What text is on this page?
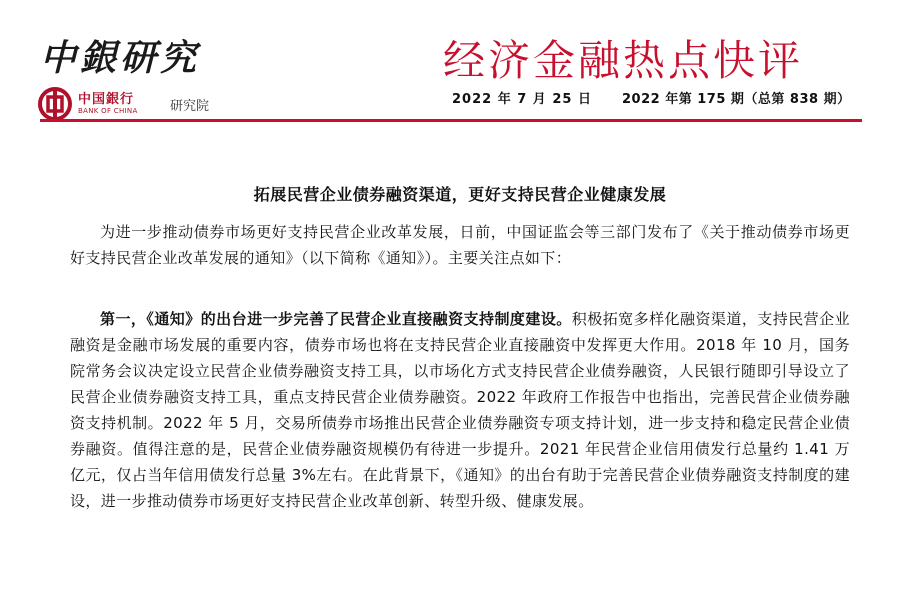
中銀研究	经济金融热点快评
中国銀行
BANK OF CHINA 研究院	2022 年 7 月 25 日 2022 年第 175 期（总第 838 期）
拓展民营企业债券融资渠道，更好支持民营企业健康发展

为进一步推动债券市场更好支持民营企业改革发展，日前，中国证监会等三部门发布了《关于推动债券市场更好支持民营企业改革发展的通知》（以下简称《通知》）。主要关注点如下：

第一，《通知》的出台进一步完善了民营企业直接融资支持制度建设。积极拓宽多样化融资渠道，支持民营企业融资是金融市场发展的重要内容，债券市场也将在支持民营企业直接融资中发挥更大作用。2018 年 10 月，国务院常务会议决定设立民营企业债券融资支持工具，以市场化方式支持民营企业债券融资，人民银行随即引导设立了民营企业债券融资支持工具，重点支持民营企业债券融资。2022 年政府工作报告中也指出，完善民营企业债券融资支持机制。2022 年 5 月，交易所债券市场推出民营企业债券融资专项支持计划，进一步支持和稳定民营企业债券融资。值得注意的是，民营企业债券融资规模仍有待进一步提升。2021 年民营企业信用债发行总量约 1.41 万亿元，仅占当年信用债发行总量 3%左右。在此背景下，《通知》的出台有助于完善民营企业债券融资支持制度的建设，进一步推动债券市场更好支持民营企业改革创新、转型升级、健康发展。
